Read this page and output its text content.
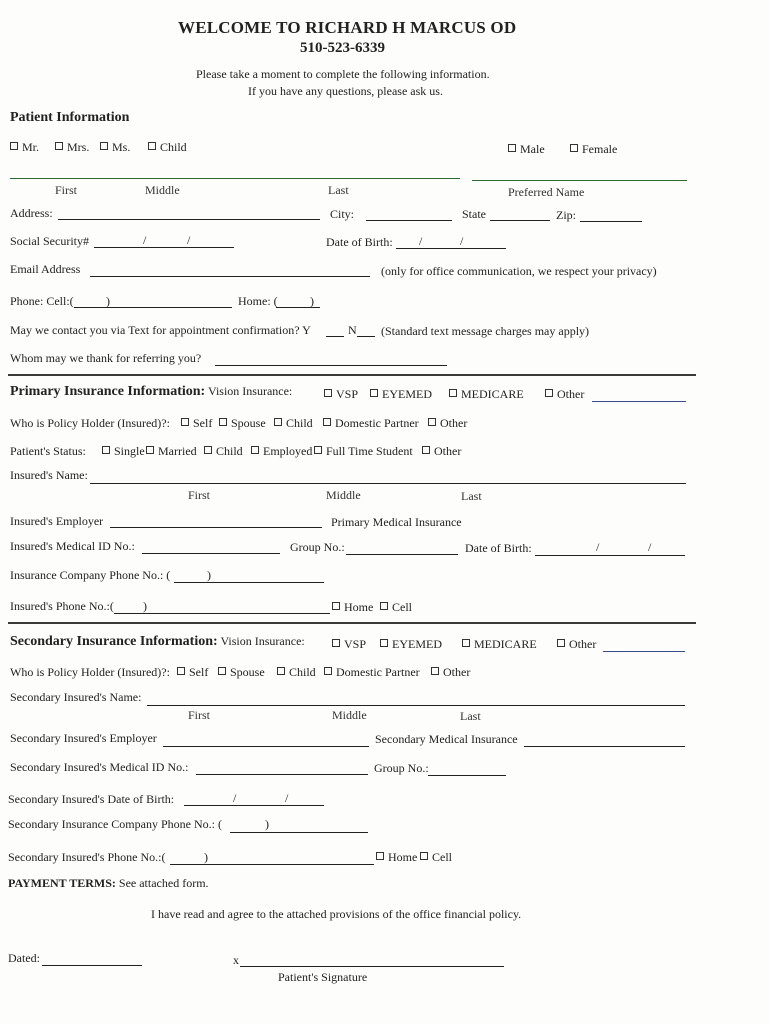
WELCOME TO RICHARD H MARCUS OD
510-523-6339
Please take a moment to complete the following information.
If you have any questions, please ask us.
Patient Information
Mr.	Mrs.	Ms.	Child	Male	Female
First	Middle	Last	Preferred Name
Address:	City:	State	Zip:
Social Security#	/	/	Date of Birth: /	/
Email Address	(only for office communication, we respect your privacy)
Phone: Cell:(	)	Home: (	)
May we contact you via Text for appointment confirmation? Y	N (Standard text message charges may apply)
Whom may we thank for referring you?
Primary Insurance Information: Vision Insurance:	VSP	EYEMED	MEDICARE	Other
Who is Policy Holder (Insured)?:	Self	Spouse	Child	Domestic Partner	Other
Patient's Status:	Single	Married	Child	Employed	Full Time Student	Other
Insured's Name:
First	Middle	Last
Insured's Employer	Primary Medical Insurance
Insured's Medical ID No.:	Group No.:	Date of Birth:	/	/
Insurance Company Phone No.: (	)
Insured's Phone No.:( )	Home	Cell
Secondary Insurance Information: Vision Insurance:	VSP	EYEMED	MEDICARE	Other
Who is Policy Holder (Insured)?:	Self	Spouse	Child	Domestic Partner	Other
Secondary Insured's Name:
First	Middle	Last
Secondary Insured's Employer	Secondary Medical Insurance
Secondary Insured's Medical ID No.:	Group No.:
Secondary Insured's Date of Birth:	/	/
Secondary Insurance Company Phone No.: (	)
Secondary Insured's Phone No.:(	)	Home	Cell
PAYMENT TERMS: See attached form.
I have read and agree to the attached provisions of the office financial policy.
Dated:	x
Patient's Signature
